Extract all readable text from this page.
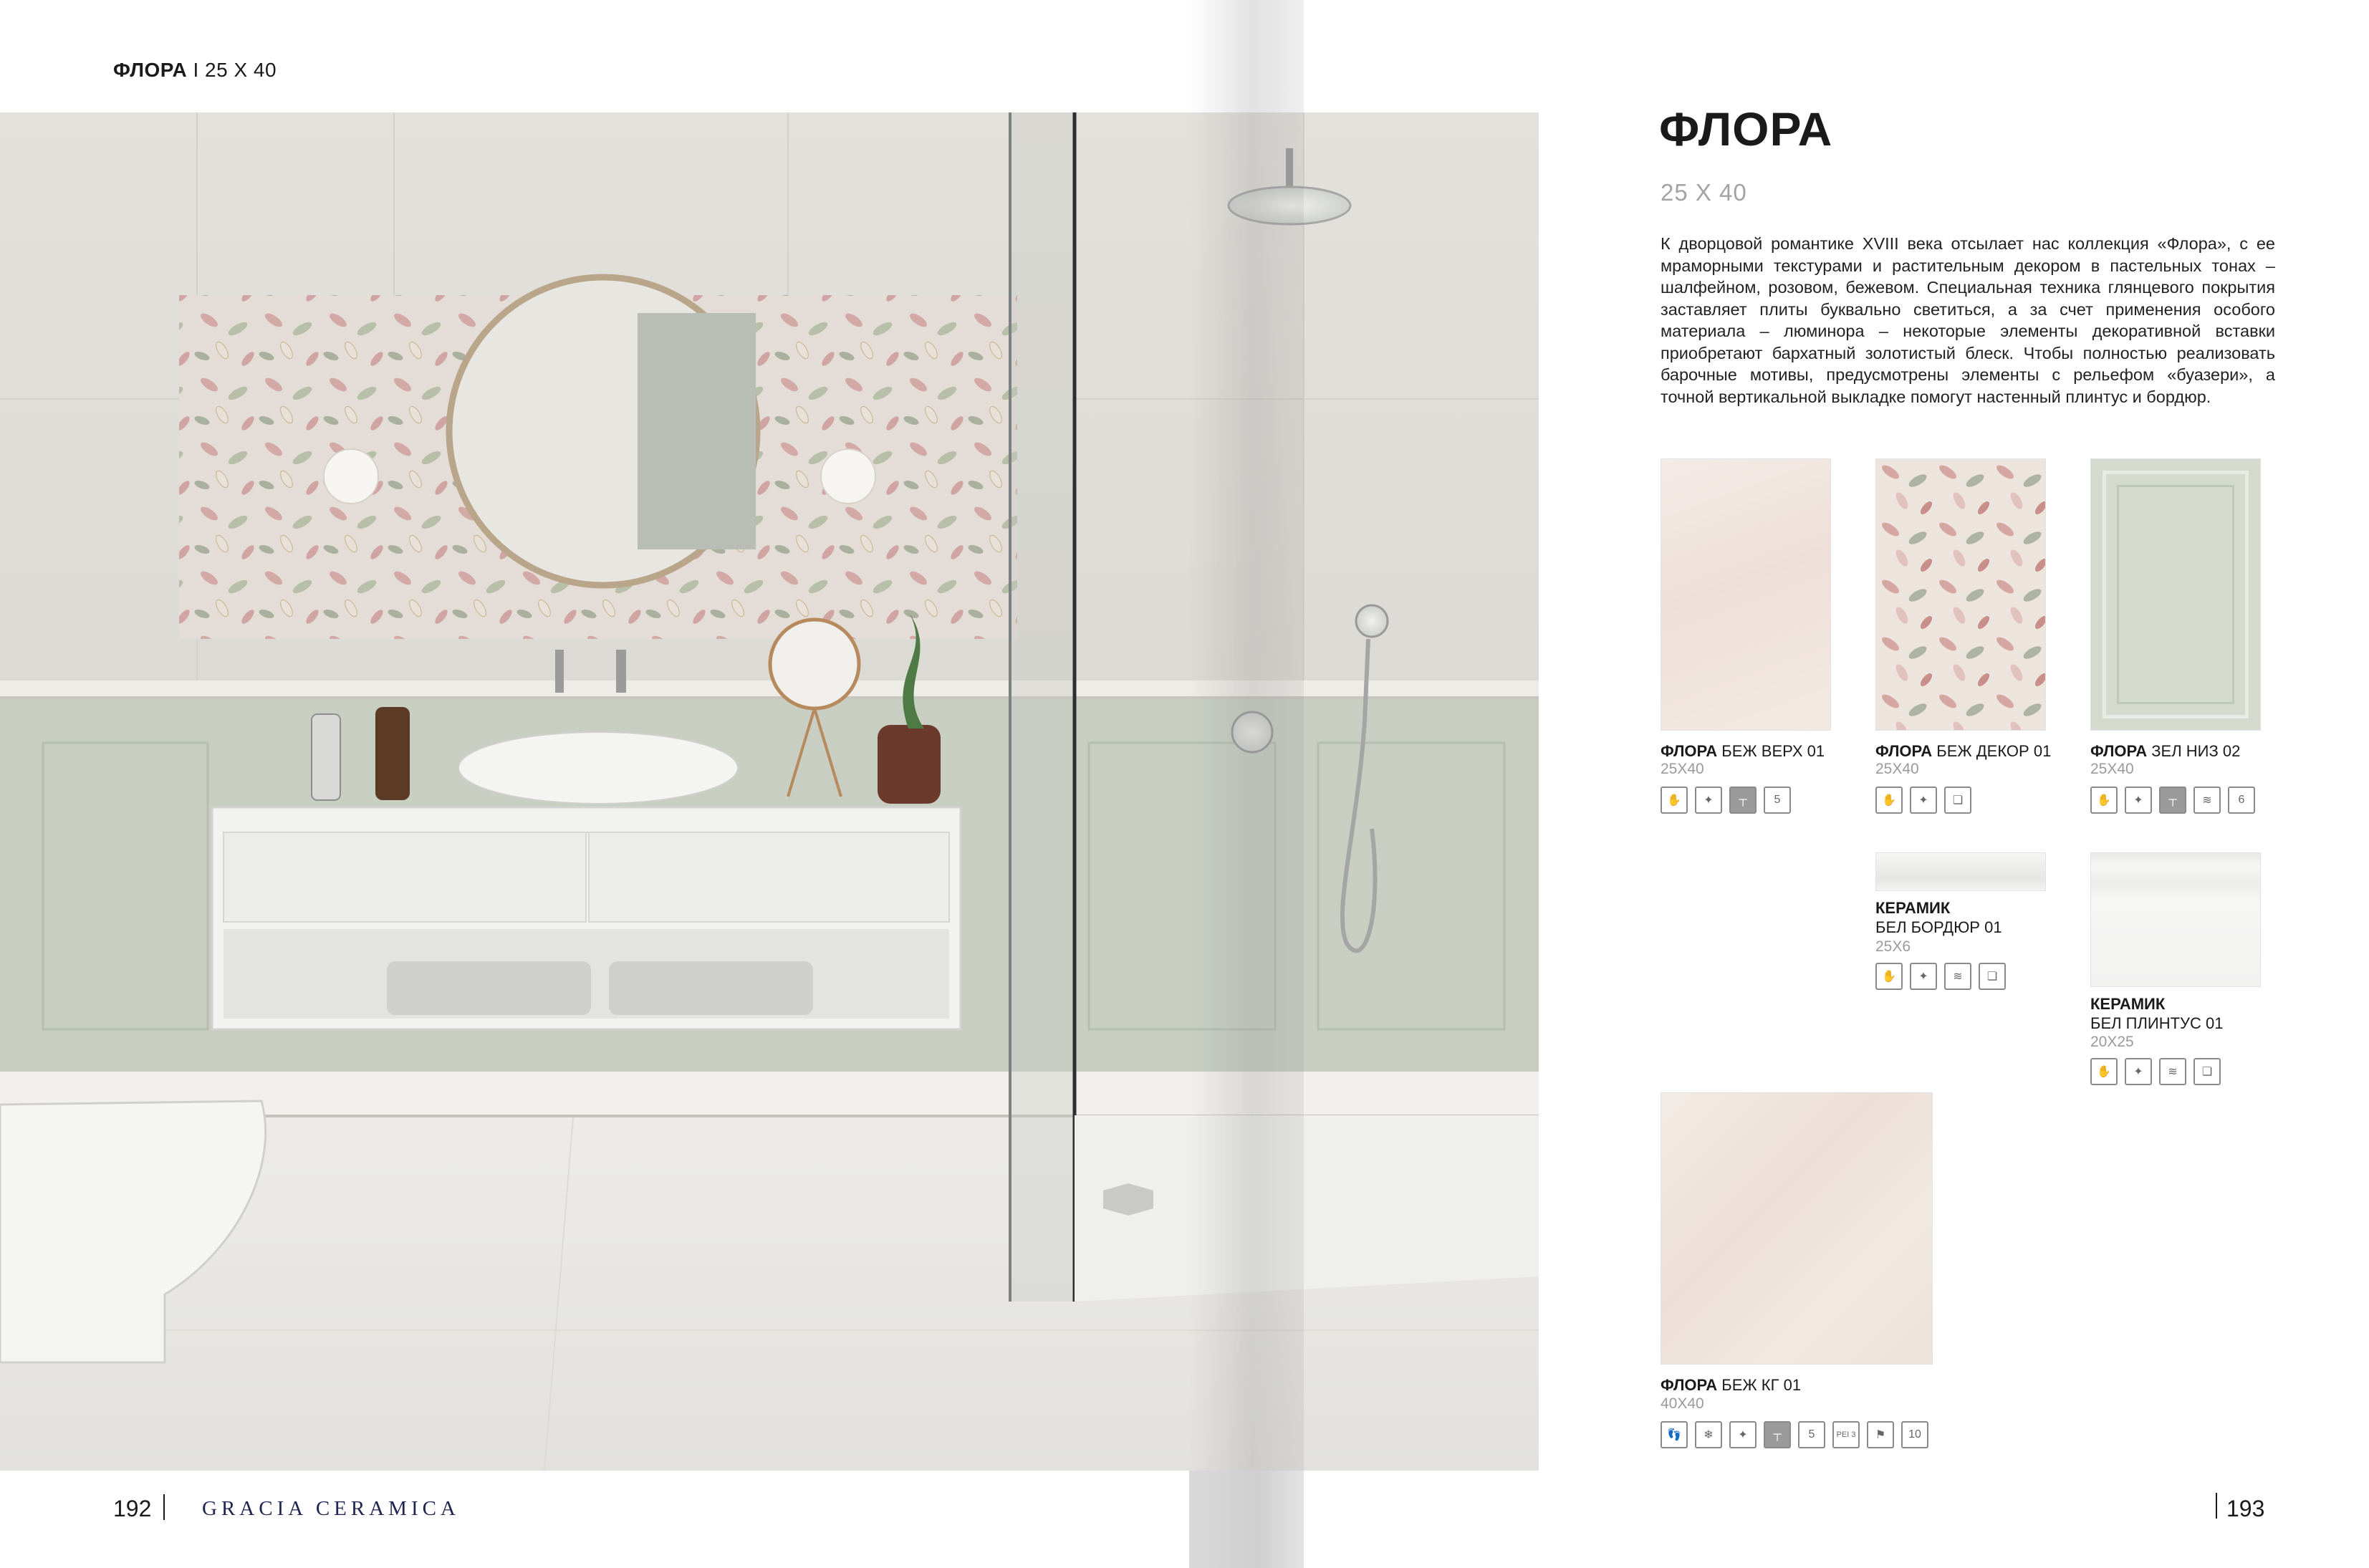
ФЛОРА I 25 X 40
192 GRACIA CERAMICA	193
ФЛОРА
25 X 40
К дворцовой романтике XVIII века отсылает нас коллекция «Флора», с ее мраморными текстурами и растительным декором в пастельных тонах – шалфейном, розовом, бежевом. Специальная техника глянцевого покрытия заставляет плиты буквально светиться, а за счет применения особого материала – люминора – некоторые элементы декоративной вставки приобретают бархатный золотистый блеск. Чтобы полностью реализовать барочные мотивы, предусмотрены элементы с рельефом «буазери», а точной вертикальной выкладке помогут настенный плинтус и бордюр.
ФЛОРА БЕЖ ВЕРХ 01
25X40
✋	✦	┬	5
ФЛОРА БЕЖ ДЕКОР 01
25X40
✋	✦	❏
ФЛОРА ЗЕЛ НИЗ 02
25X40
✋	✦	┬	≋	6
КЕРАМИК
БЕЛ БОРДЮР 01
25X6
✋	✦	≋	❏
КЕРАМИК
БЕЛ ПЛИНТУС 01
20X25
✋	✦	≋	❏
ФЛОРА БЕЖ КГ 01
40X40
👣	❄	✦	┬	5	PEI 3	⚑	10
